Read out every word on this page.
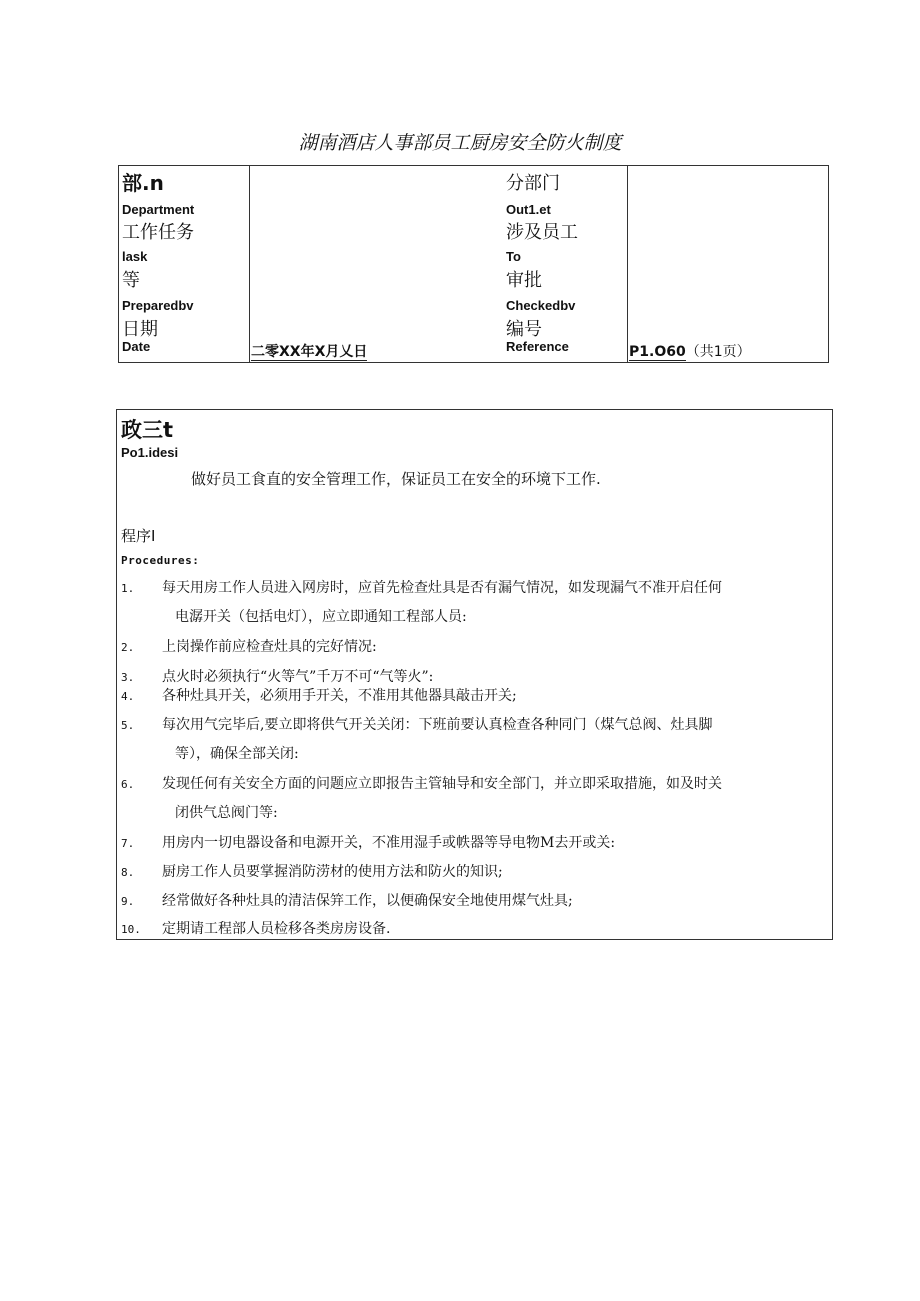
湖南酒店人事部员工厨房安全防火制度
部.n
Department
工作任务
lask
等
Preparedbv
日期
Date	二零XX年X月乂日
分部门
Out1.et
涉及员工
To
审批
Checkedbv
编号
Reference	P1.O60（共1页）
政三t
Po1.idesi
做好员工食直的安全管理工作，保证员工在安全的环境下工作.
程序I
Procedures:
1. 每天用房工作人员进入网房时，应首先检查灶具是否有漏气情况，如发现漏气不准开启任何
电潺开关（包括电灯），应立即通知工程部人员:
2. 上岗操作前应检查灶具的完好情况:
3. 点火时必须执行“火等气”千万不可“气等火”:
4. 各种灶具开关，必须用手开关，不准用其他器具敲击开关;
5. 每次用气完毕后,要立即将供气开关关闭：下班前要认真检查各种同门（煤气总阀、灶具脚
等），确保全部关闭:
6. 发现任何有关安全方面的问题应立即报告主管轴导和安全部门，并立即采取措施，如及时关
闭供气总阀门等:
7. 用房内一切电器设备和电源开关，不准用湿手或帙器等导电物M去开或关:
8. 厨房工作人员要掌握消防涝材的使用方法和防火的知识;
9. 经常做好各种灶具的清洁保笄工作，以便确保安全地使用煤气灶具;
10. 定期请工程部人员检移各类房房设备.
